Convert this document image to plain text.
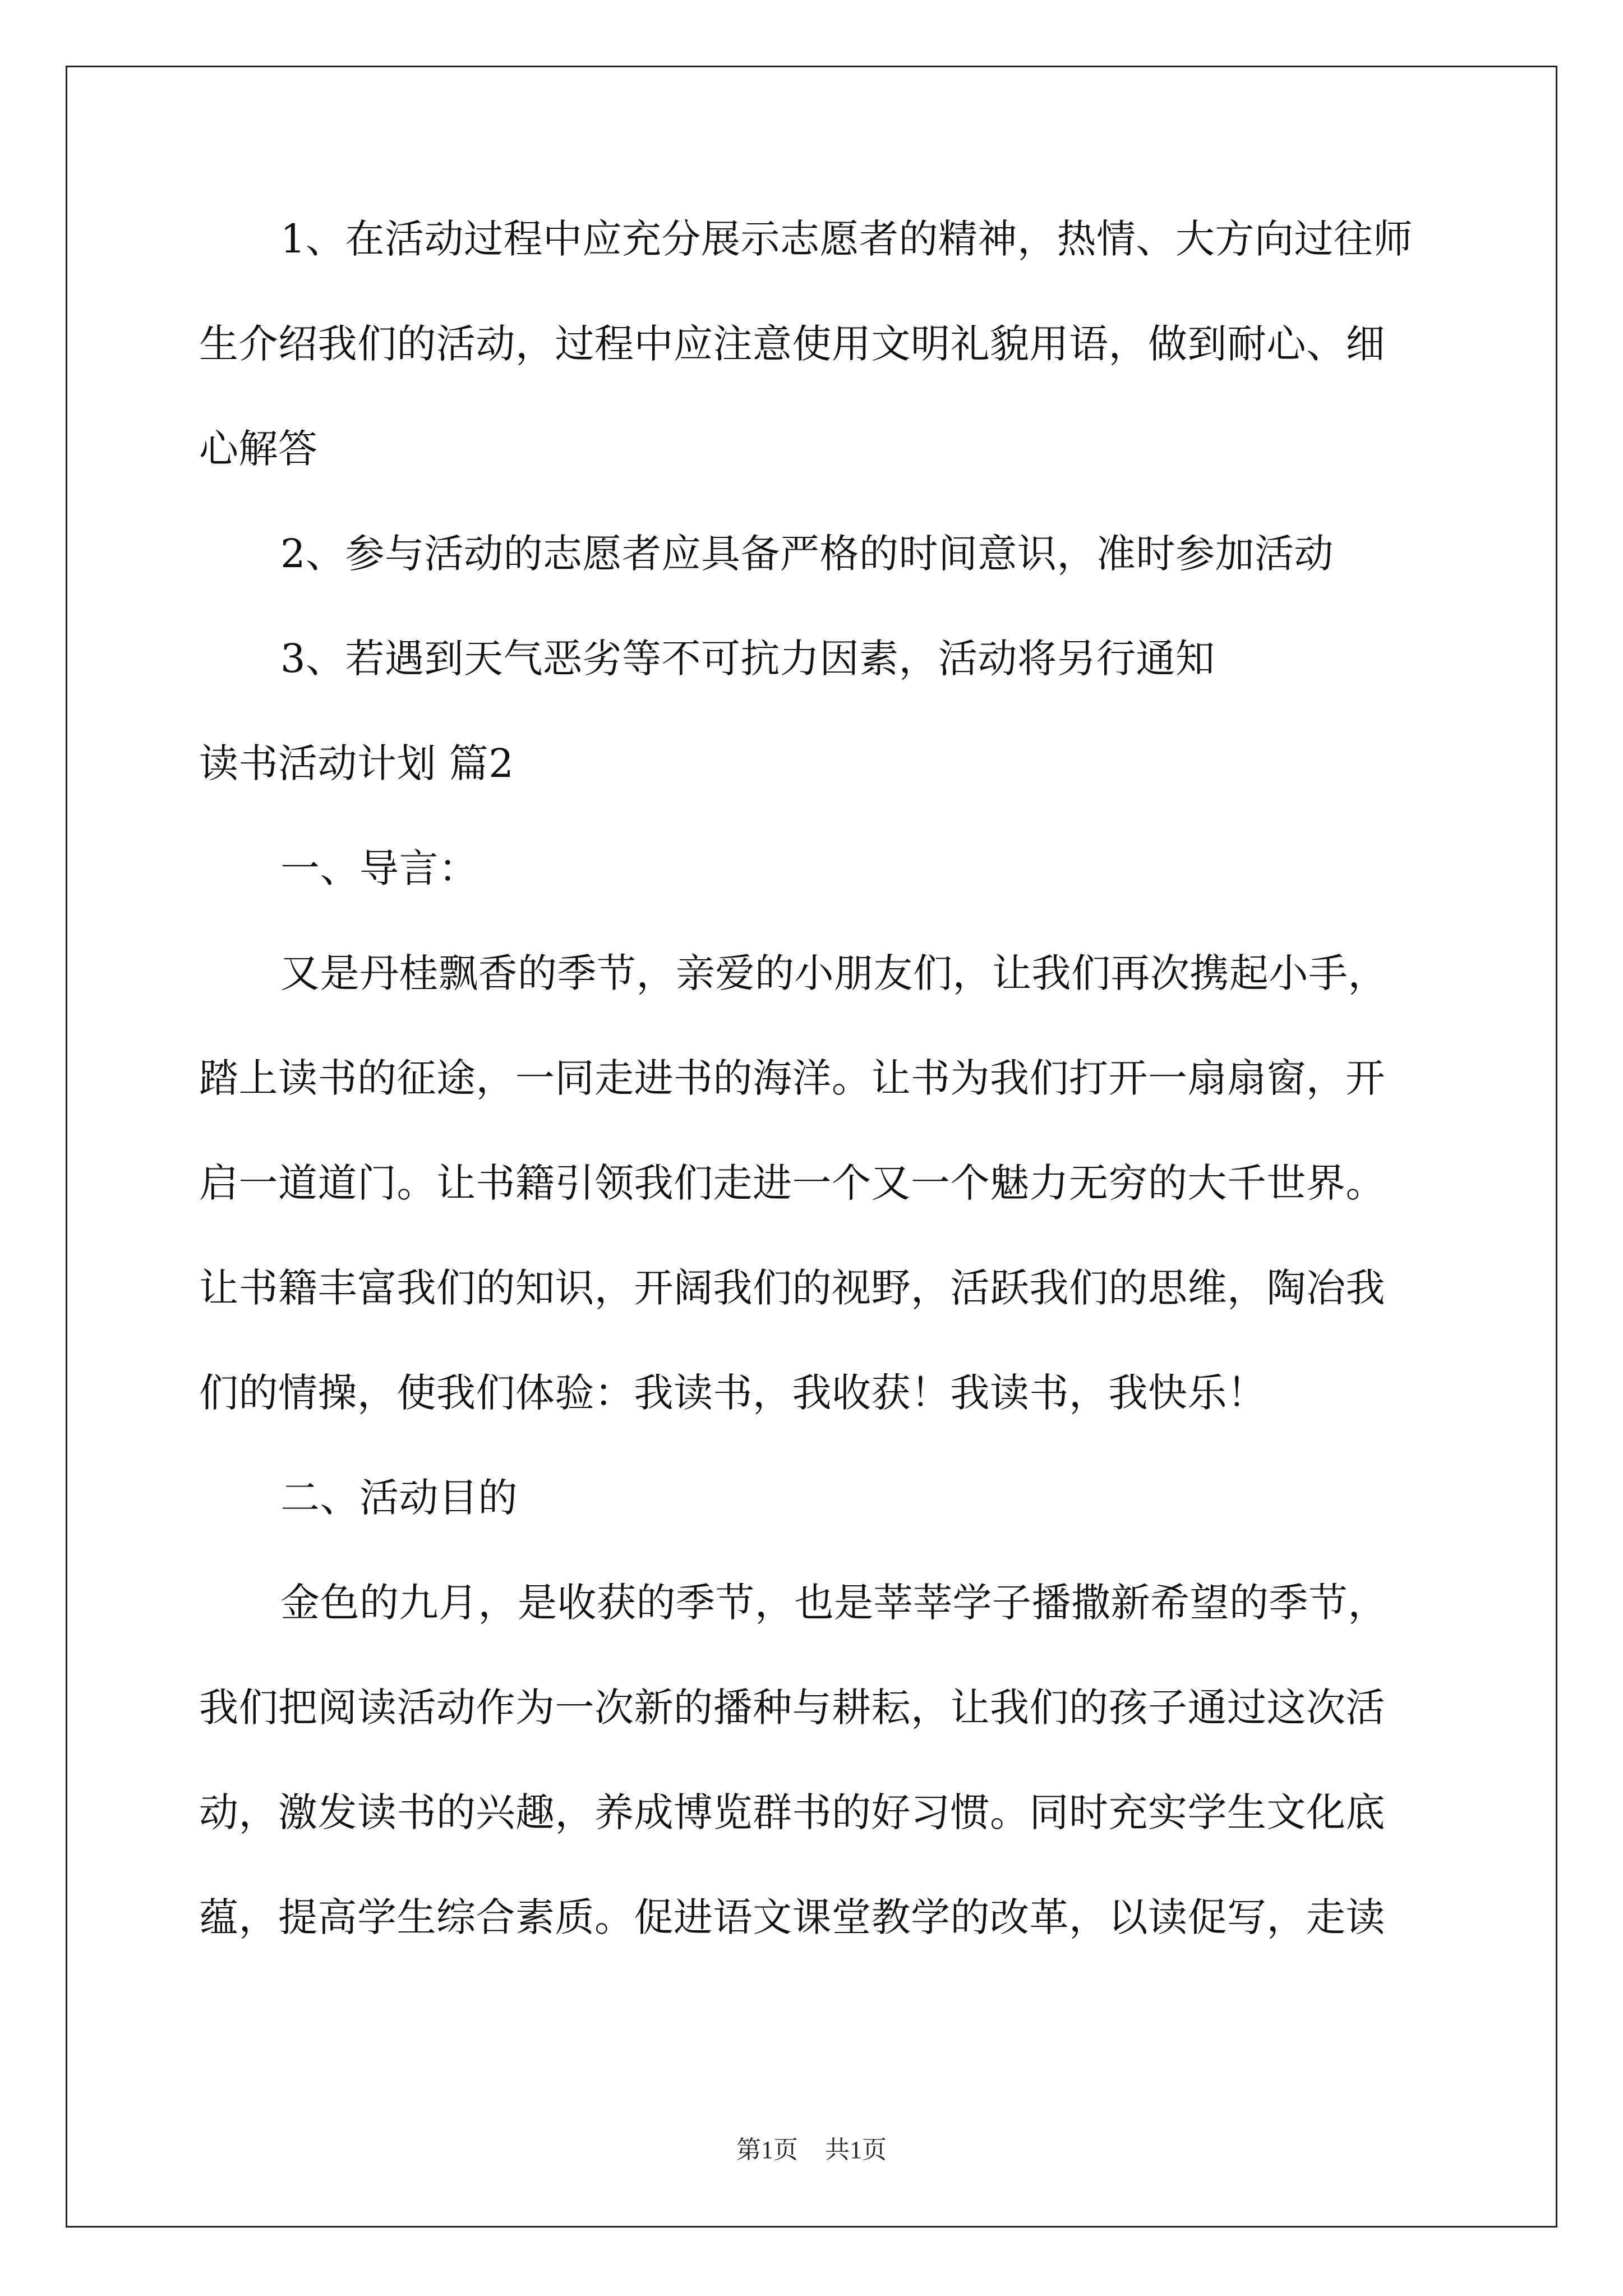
1、在活动过程中应充分展示志愿者的精神，热情、大方向过往师
生介绍我们的活动，过程中应注意使用文明礼貌用语，做到耐心、细
心解答
2、参与活动的志愿者应具备严格的时间意识，准时参加活动
3、若遇到天气恶劣等不可抗力因素，活动将另行通知
读书活动计划 篇2
一、导言：
又是丹桂飘香的季节，亲爱的小朋友们，让我们再次携起小手，
踏上读书的征途，一同走进书的海洋。让书为我们打开一扇扇窗，开
启一道道门。让书籍引领我们走进一个又一个魅力无穷的大千世界。
让书籍丰富我们的知识，开阔我们的视野，活跃我们的思维，陶冶我
们的情操，使我们体验：我读书，我收获！我读书，我快乐！
二、活动目的
金色的九月，是收获的季节，也是莘莘学子播撒新希望的季节，
我们把阅读活动作为一次新的播种与耕耘，让我们的孩子通过这次活
动，激发读书的兴趣，养成博览群书的好习惯。同时充实学生文化底
蕴，提高学生综合素质。促进语文课堂教学的改革，以读促写，走读
第1页 共1页
